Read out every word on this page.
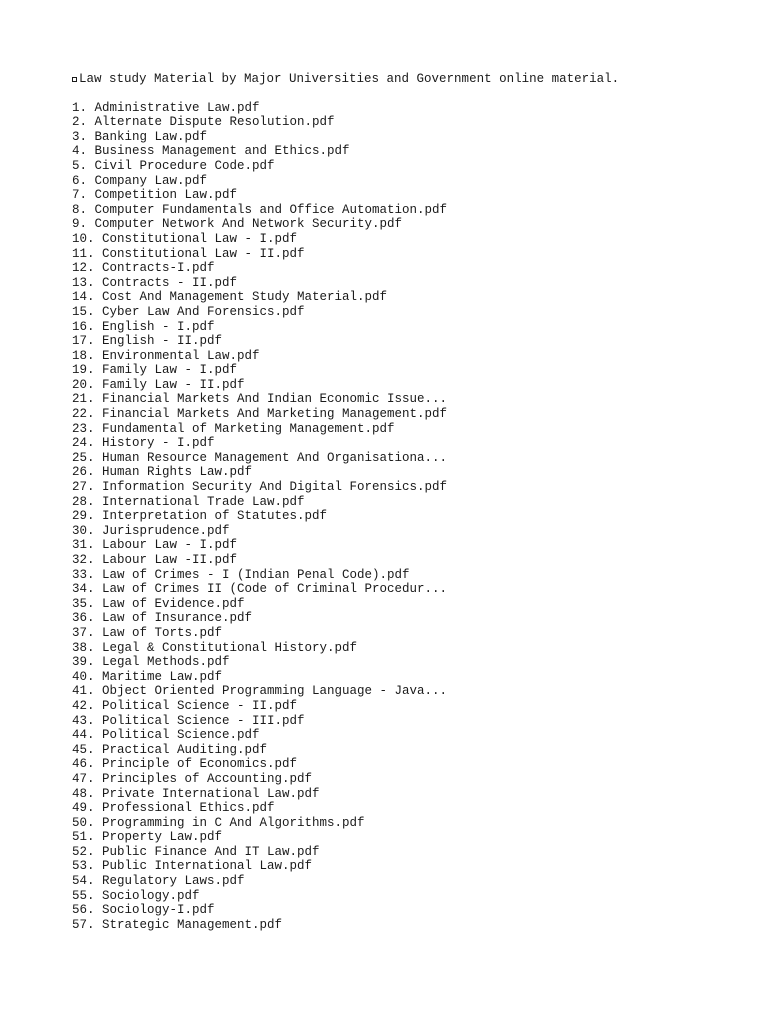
Law study Material by Major Universities and Government online material.

1. Administrative Law.pdf
2. Alternate Dispute Resolution.pdf
3. Banking Law.pdf
4. Business Management and Ethics.pdf
5. Civil Procedure Code.pdf
6. Company Law.pdf
7. Competition Law.pdf
8. Computer Fundamentals and Office Automation.pdf
9. Computer Network And Network Security.pdf
10. Constitutional Law - I.pdf
11. Constitutional Law - II.pdf
12. Contracts-I.pdf
13. Contracts - II.pdf
14. Cost And Management Study Material.pdf
15. Cyber Law And Forensics.pdf
16. English - I.pdf
17. English - II.pdf
18. Environmental Law.pdf
19. Family Law - I.pdf
20. Family Law - II.pdf
21. Financial Markets And Indian Economic Issue...
22. Financial Markets And Marketing Management.pdf
23. Fundamental of Marketing Management.pdf
24. History - I.pdf
25. Human Resource Management And Organisationa...
26. Human Rights Law.pdf
27. Information Security And Digital Forensics.pdf
28. International Trade Law.pdf
29. Interpretation of Statutes.pdf
30. Jurisprudence.pdf
31. Labour Law - I.pdf
32. Labour Law -II.pdf
33. Law of Crimes - I (Indian Penal Code).pdf
34. Law of Crimes II (Code of Criminal Procedur...
35. Law of Evidence.pdf
36. Law of Insurance.pdf
37. Law of Torts.pdf
38. Legal & Constitutional History.pdf
39. Legal Methods.pdf
40. Maritime Law.pdf
41. Object Oriented Programming Language - Java...
42. Political Science - II.pdf
43. Political Science - III.pdf
44. Political Science.pdf
45. Practical Auditing.pdf
46. Principle of Economics.pdf
47. Principles of Accounting.pdf
48. Private International Law.pdf
49. Professional Ethics.pdf
50. Programming in C And Algorithms.pdf
51. Property Law.pdf
52. Public Finance And IT Law.pdf
53. Public International Law.pdf
54. Regulatory Laws.pdf
55. Sociology.pdf
56. Sociology-I.pdf
57. Strategic Management.pdf
